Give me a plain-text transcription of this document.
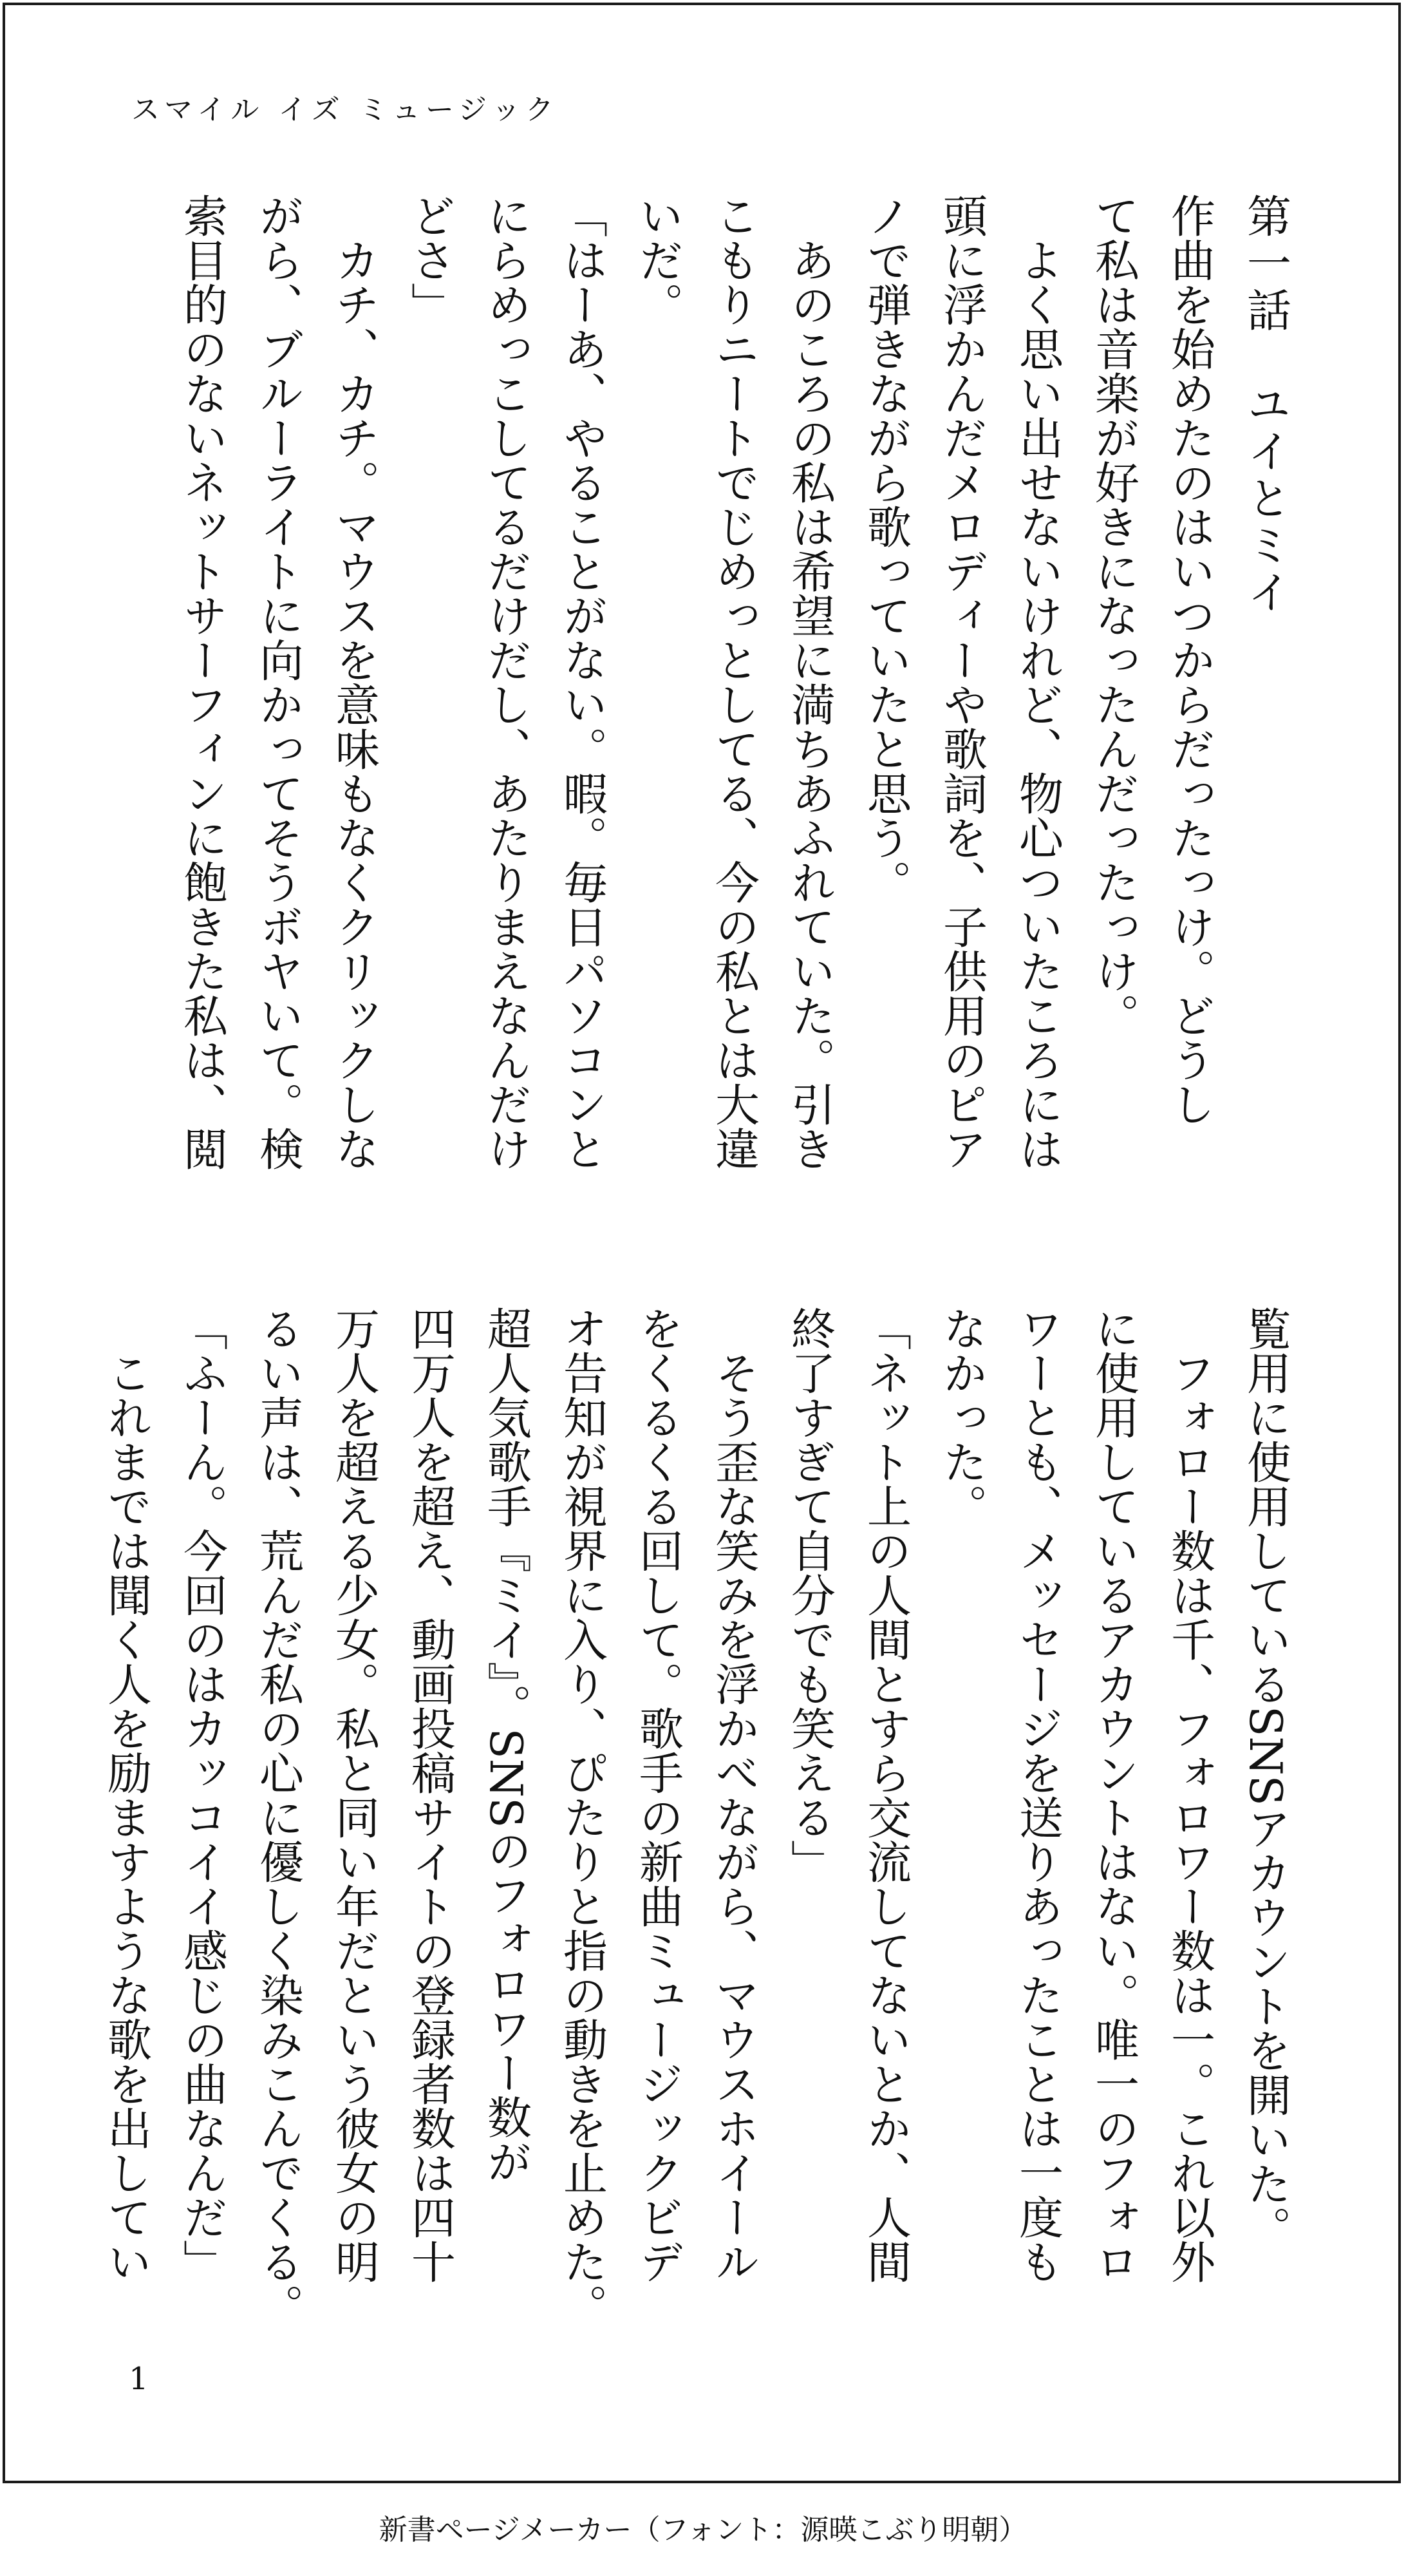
スマイル イズ ミュージック
第一話　ユイとミイ
作曲を始めたのはいつからだったっけ。どうし
て私は音楽が好きになったんだったっけ。
　よく思い出せないけれど、物心ついたころには
頭に浮かんだメロディーや歌詞を、子供用のピア
ノで弾きながら歌っていたと思う。
　あのころの私は希望に満ちあふれていた。引き
こもりニートでじめっとしてる、今の私とは大違
いだ。
「はーあ、やることがない。暇。毎日パソコンと
にらめっこしてるだけだし、あたりまえなんだけ
どさ」
　カチ、カチ。マウスを意味もなくクリックしな
がら、ブルーライトに向かってそうボヤいて。検
索目的のないネットサーフィンに飽きた私は、閲
覧用に使用しているSNSアカウントを開いた。
　フォロー数は千、フォロワー数は一。これ以外
に使用しているアカウントはない。唯一のフォロ
ワーとも、メッセージを送りあったことは一度も
なかった。
「ネット上の人間とすら交流してないとか、人間
終了すぎて自分でも笑える」
　そう歪な笑みを浮かべながら、マウスホイール
をくるくる回して。歌手の新曲ミュージックビデ
オ告知が視界に入り、ぴたりと指の動きを止めた。
超人気歌手『ミイ』。SNSのフォロワー数が
四万人を超え、動画投稿サイトの登録者数は四十
万人を超える少女。私と同い年だという彼女の明
るい声は、荒んだ私の心に優しく染みこんでくる。
「ふーん。今回のはカッコイイ感じの曲なんだ」
　これまでは聞く人を励ますような歌を出してい
1
新書ページメーカー（フォント：源暎こぶり明朝）
